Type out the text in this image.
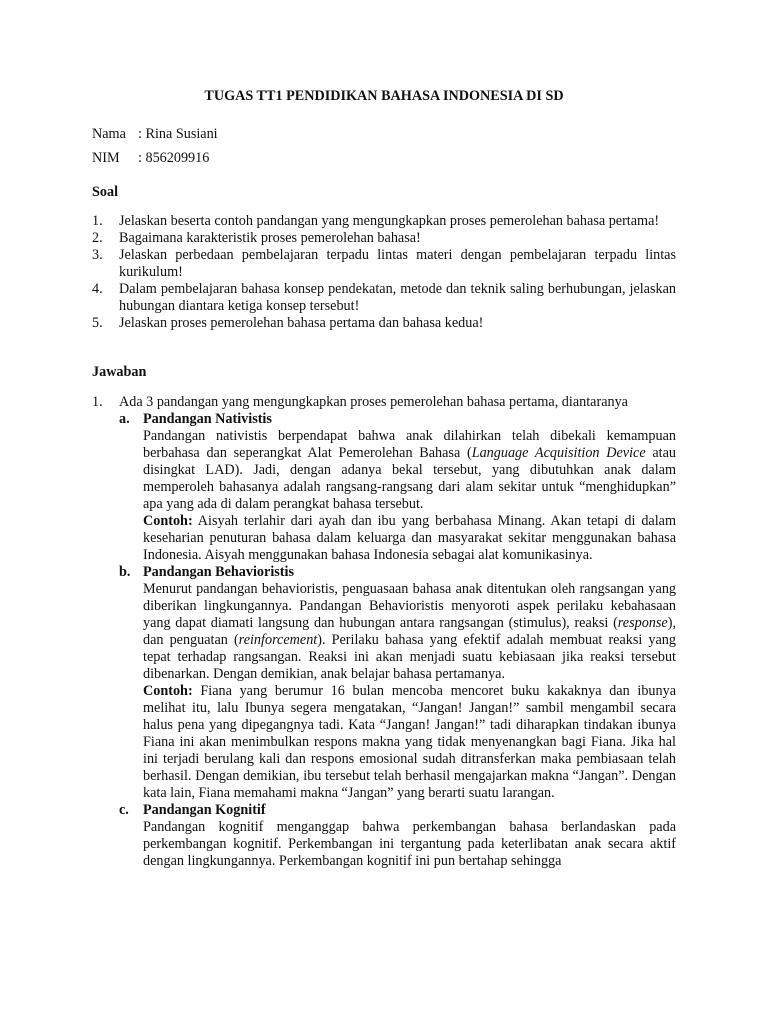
TUGAS TT1 PENDIDIKAN BAHASA INDONESIA DI SD
Nama : Rina Susiani
NIM : 856209916
Soal
1.	Jelaskan beserta contoh pandangan yang mengungkapkan proses pemerolehan bahasa pertama!
2.	Bagaimana karakteristik proses pemerolehan bahasa!
3.	Jelaskan perbedaan pembelajaran terpadu lintas materi dengan pembelajaran terpadu lintas kurikulum!
4.	Dalam pembelajaran bahasa konsep pendekatan, metode dan teknik saling berhubungan, jelaskan hubungan diantara ketiga konsep tersebut!
5.	Jelaskan proses pemerolehan bahasa pertama dan bahasa kedua!
Jawaban
1.	Ada 3 pandangan yang mengungkapkan proses pemerolehan bahasa pertama, diantaranya
a. Pandangan Nativistis
Pandangan nativistis berpendapat bahwa anak dilahirkan telah dibekali kemampuan berbahasa dan seperangkat Alat Pemerolehan Bahasa (Language Acquisition Device atau disingkat LAD). Jadi, dengan adanya bekal tersebut, yang dibutuhkan anak dalam memperoleh bahasanya adalah rangsang-rangsang dari alam sekitar untuk “menghidupkan” apa yang ada di dalam perangkat bahasa tersebut.
Contoh: Aisyah terlahir dari ayah dan ibu yang berbahasa Minang. Akan tetapi di dalam keseharian penuturan bahasa dalam keluarga dan masyarakat sekitar menggunakan bahasa Indonesia. Aisyah menggunakan bahasa Indonesia sebagai alat komunikasinya.
b. Pandangan Behavioristis
Menurut pandangan behavioristis, penguasaan bahasa anak ditentukan oleh rangsangan yang diberikan lingkungannya. Pandangan Behavioristis menyoroti aspek perilaku kebahasaan yang dapat diamati langsung dan hubungan antara rangsangan (stimulus), reaksi (response), dan penguatan (reinforcement). Perilaku bahasa yang efektif adalah membuat reaksi yang tepat terhadap rangsangan. Reaksi ini akan menjadi suatu kebiasaan jika reaksi tersebut dibenarkan. Dengan demikian, anak belajar bahasa pertamanya.
Contoh: Fiana yang berumur 16 bulan mencoba mencoret buku kakaknya dan ibunya melihat itu, lalu Ibunya segera mengatakan, “Jangan! Jangan!” sambil mengambil secara halus pena yang dipegangnya tadi. Kata “Jangan! Jangan!” tadi diharapkan tindakan ibunya Fiana ini akan menimbulkan respons makna yang tidak menyenangkan bagi Fiana. Jika hal ini terjadi berulang kali dan respons emosional sudah ditransferkan maka pembiasaan telah berhasil. Dengan demikian, ibu tersebut telah berhasil mengajarkan makna “Jangan”. Dengan kata lain, Fiana memahami makna “Jangan” yang berarti suatu larangan.
c. Pandangan Kognitif
Pandangan kognitif menganggap bahwa perkembangan bahasa berlandaskan pada perkembangan kognitif. Perkembangan ini tergantung pada keterlibatan anak secara aktif dengan lingkungannya. Perkembangan kognitif ini pun bertahap sehingga
